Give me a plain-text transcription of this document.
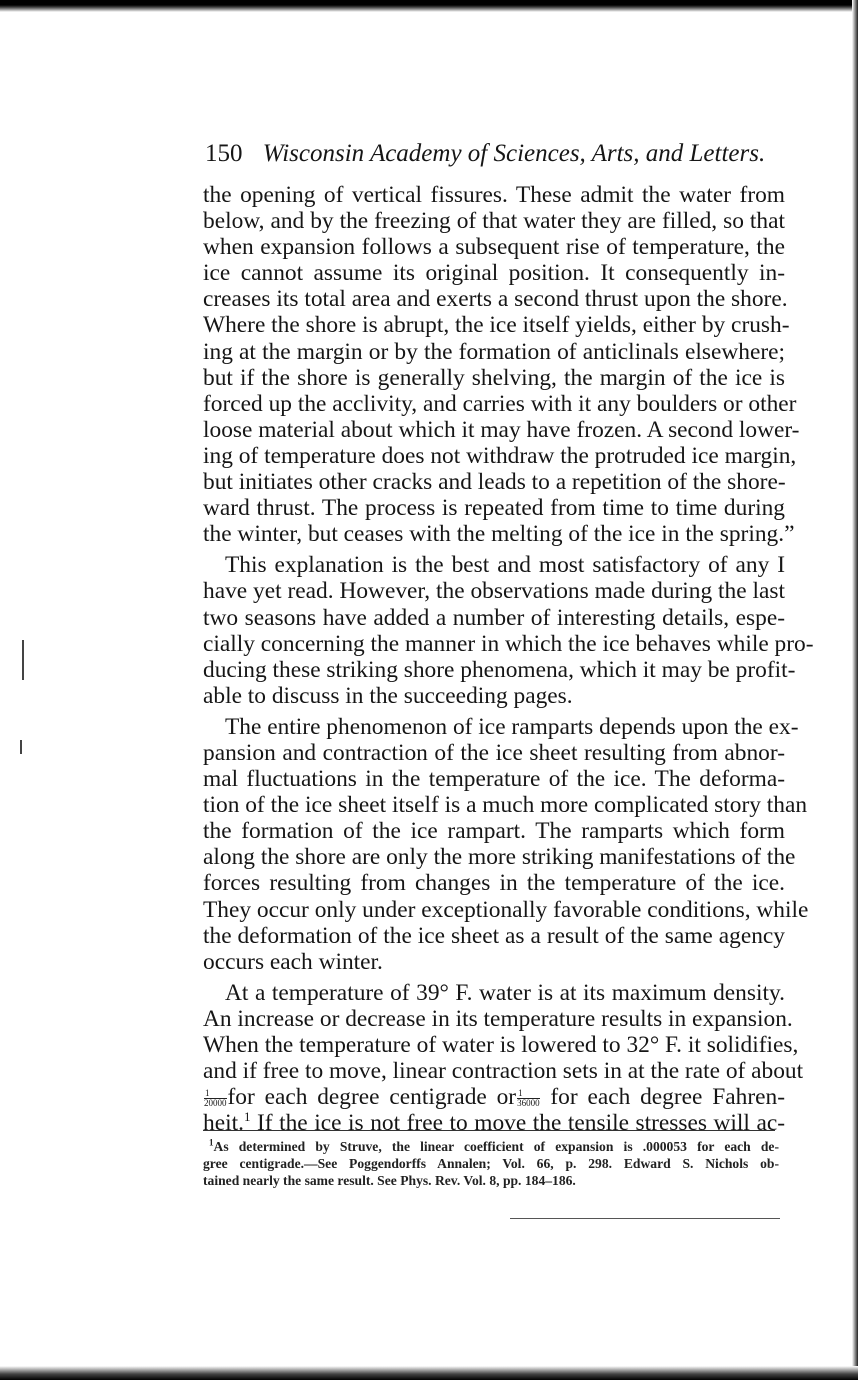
150 Wisconsin Academy of Sciences, Arts, and Letters.
the opening of vertical fissures. These admit the water from
below, and by the freezing of that water they are filled, so that
when expansion follows a subsequent rise of temperature, the
ice cannot assume its original position. It consequently in-
creases its total area and exerts a second thrust upon the shore.
Where the shore is abrupt, the ice itself yields, either by crush-
ing at the margin or by the formation of anticlinals elsewhere;
but if the shore is generally shelving, the margin of the ice is
forced up the acclivity, and carries with it any boulders or other
loose material about which it may have frozen. A second lower-
ing of temperature does not withdraw the protruded ice margin,
but initiates other cracks and leads to a repetition of the shore-
ward thrust. The process is repeated from time to time during
the winter, but ceases with the melting of the ice in the spring.”
This explanation is the best and most satisfactory of any I
have yet read. However, the observations made during the last
two seasons have added a number of interesting details, espe-
cially concerning the manner in which the ice behaves while pro-
ducing these striking shore phenomena, which it may be profit-
able to discuss in the succeeding pages.
The entire phenomenon of ice ramparts depends upon the ex-
pansion and contraction of the ice sheet resulting from abnor-
mal fluctuations in the temperature of the ice. The deforma-
tion of the ice sheet itself is a much more complicated story than
the formation of the ice rampart. The ramparts which form
along the shore are only the more striking manifestations of the
forces resulting from changes in the temperature of the ice.
They occur only under exceptionally favorable conditions, while
the deformation of the ice sheet as a result of the same agency
occurs each winter.
At a temperature of 39° F. water is at its maximum density.
An increase or decrease in its temperature results in expansion.
When the temperature of water is lowered to 32° F. it solidifies,
and if free to move, linear contraction sets in at the rate of about
$\frac{1}{20000}$ for each degree centigrade or $\frac{1}{36000}$ for each degree Fahren-
heit.$^1$ If the ice is not free to move the tensile stresses will ac-
$^1$As determined by Struve, the linear coefficient of expansion is .000053 for each de-
gree centigrade.—See Poggendorffs Annalen; Vol. 66, p. 298. Edward S. Nichols ob-
tained nearly the same result. See Phys. Rev. Vol. 8, pp. 184–186.
